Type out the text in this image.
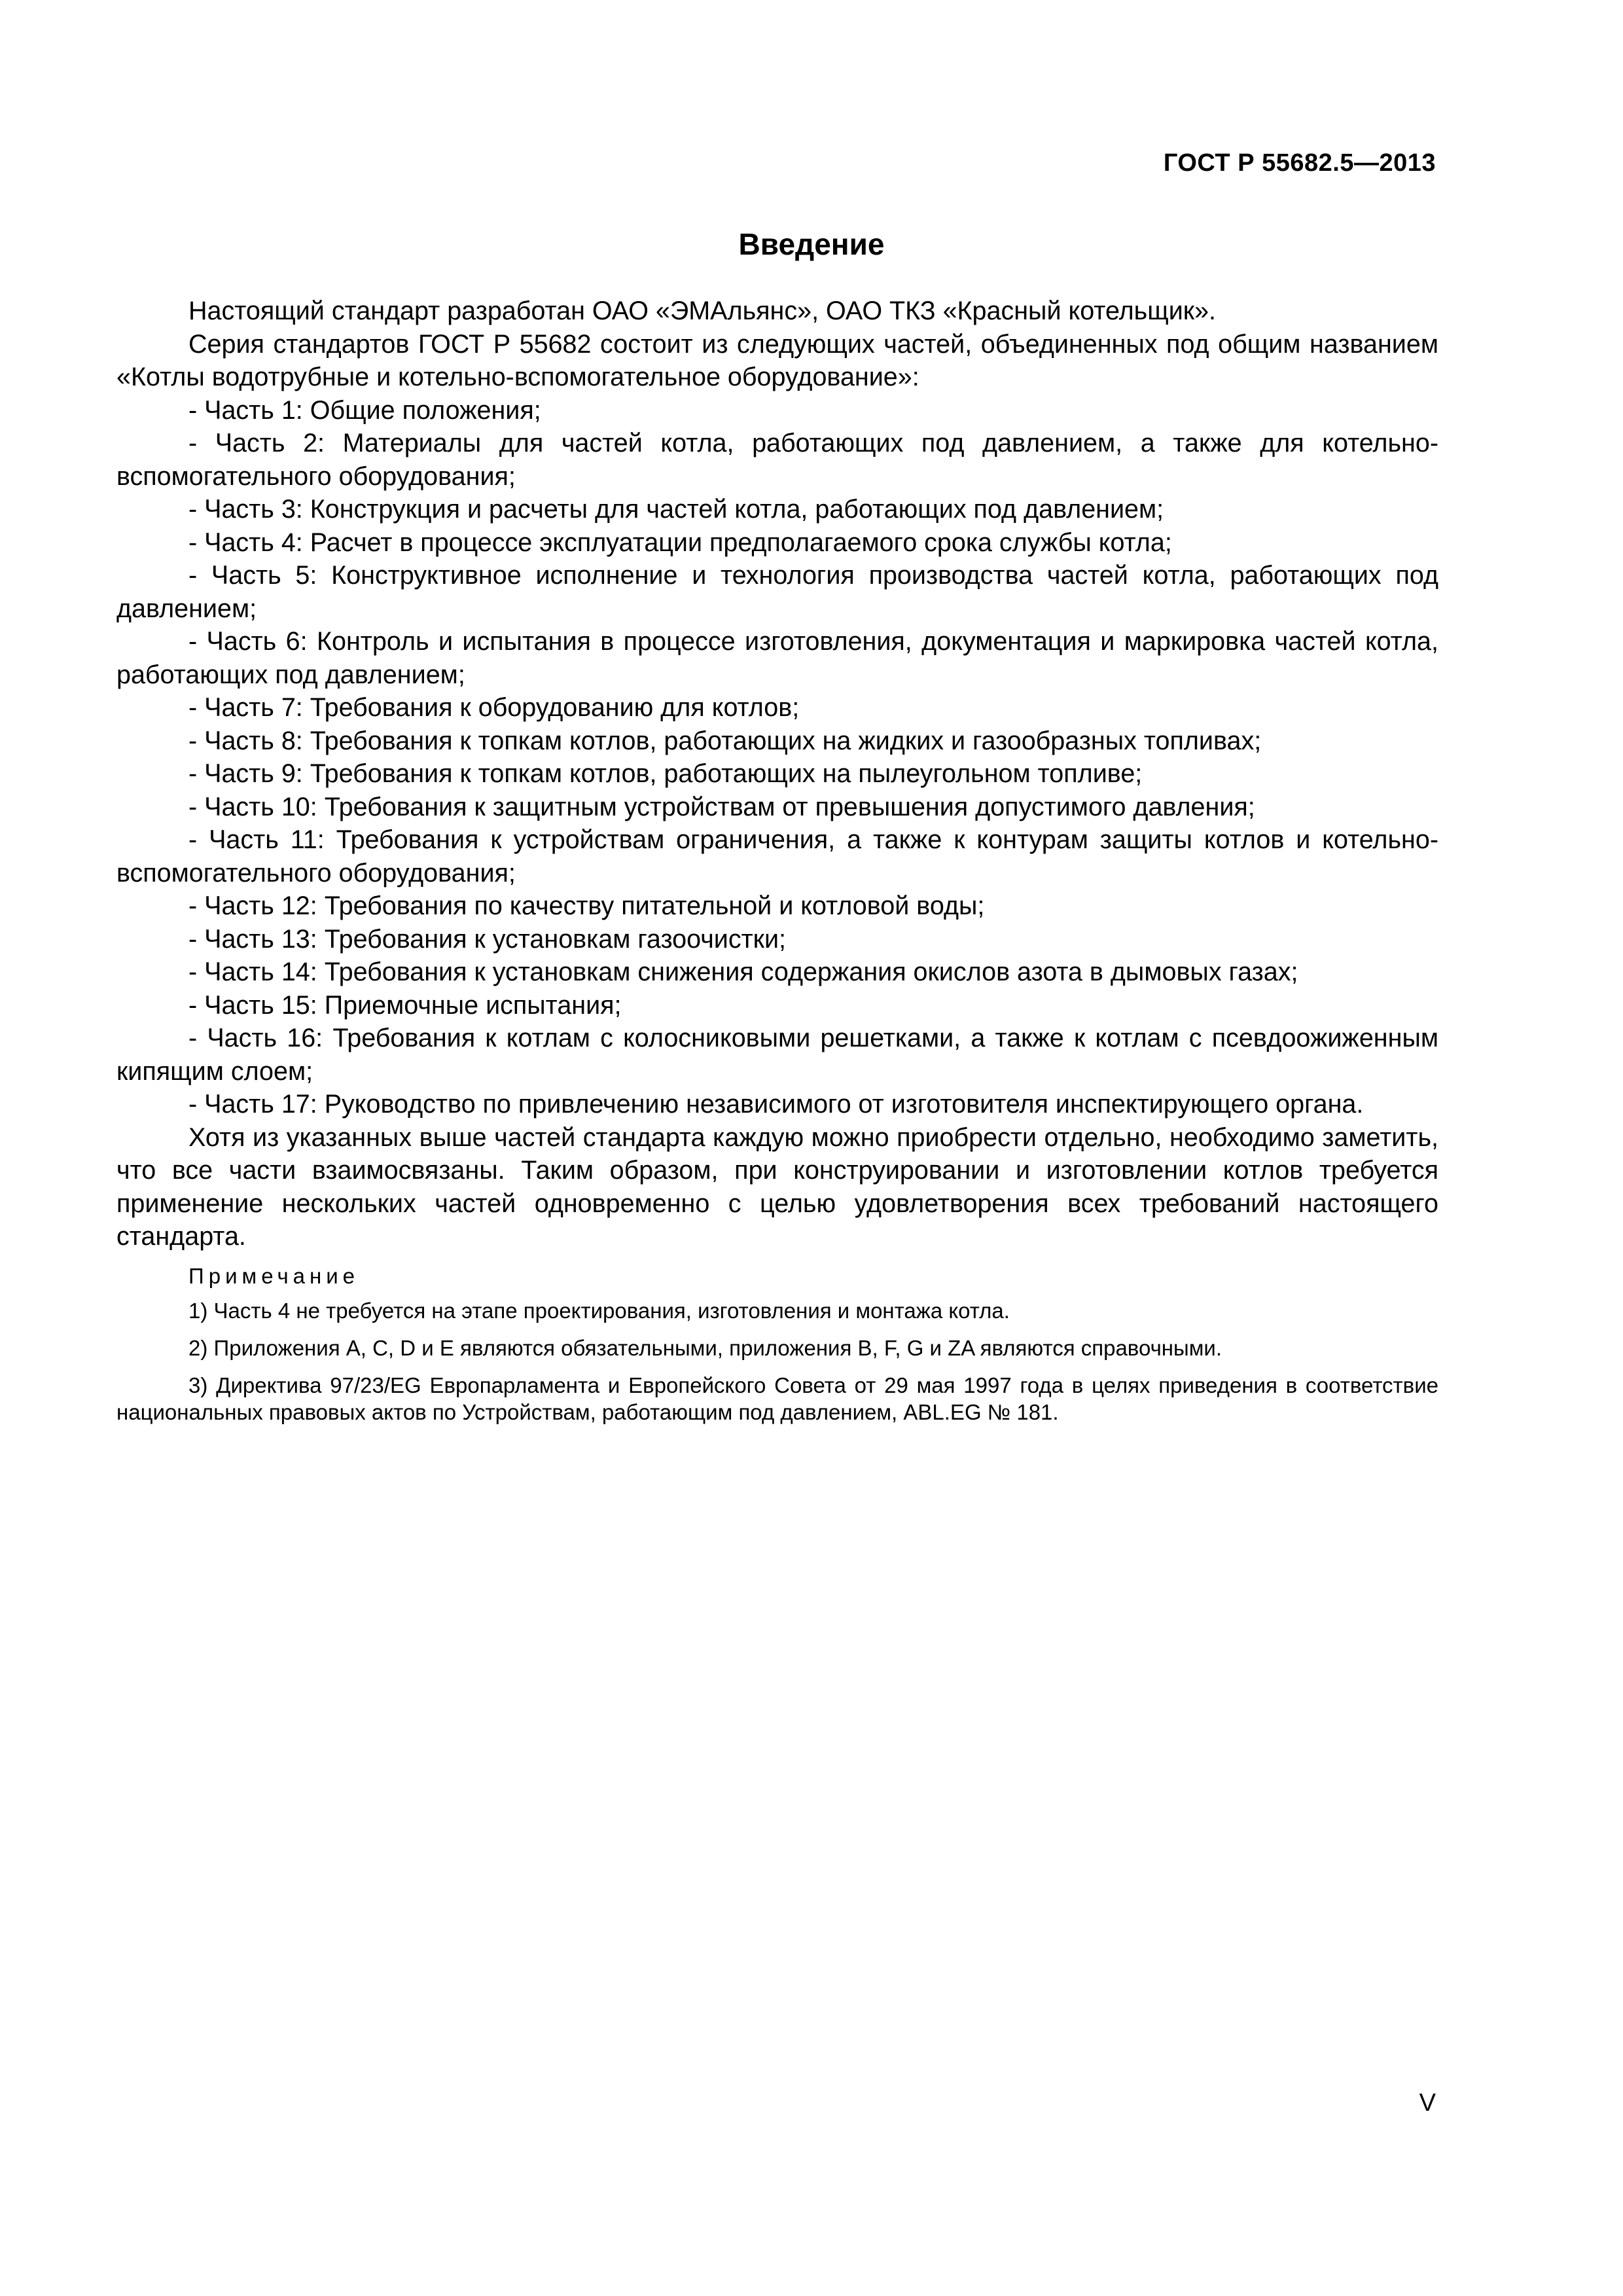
ГОСТ Р 55682.5—2013
Введение

Настоящий стандарт разработан ОАО «ЭМАльянс», ОАО ТКЗ «Красный котельщик».

Серия стандартов ГОСТ Р 55682 состоит из следующих частей, объединенных под общим названием «Котлы водотрубные и котельно-вспомогательное оборудование»:

- Часть 1: Общие положения;

- Часть 2: Материалы для частей котла, работающих под давлением, а также для котельно-вспомогательного оборудования;

- Часть 3: Конструкция и расчеты для частей котла, работающих под давлением;

- Часть 4: Расчет в процессе эксплуатации предполагаемого срока службы котла;

- Часть 5: Конструктивное исполнение и технология производства частей котла, работающих под давлением;

- Часть 6: Контроль и испытания в процессе изготовления, документация и маркировка частей котла, работающих под давлением;

- Часть 7: Требования к оборудованию для котлов;

- Часть 8: Требования к топкам котлов, работающих на жидких и газообразных топливах;

- Часть 9: Требования к топкам котлов, работающих на пылеугольном топливе;

- Часть 10: Требования к защитным устройствам от превышения допустимого давления;

- Часть 11: Требования к устройствам ограничения, а также к контурам защиты котлов и котельно-вспомогательного оборудования;

- Часть 12: Требования по качеству питательной и котловой воды;

- Часть 13: Требования к установкам газоочистки;

- Часть 14: Требования к установкам снижения содержания окислов азота в дымовых газах;

- Часть 15: Приемочные испытания;

- Часть 16: Требования к котлам с колосниковыми решетками, а также к котлам с псевдоожиженным кипящим слоем;

- Часть 17: Руководство по привлечению независимого от изготовителя инспектирующего органа.

Хотя из указанных выше частей стандарта каждую можно приобрести отдельно, необходимо заметить, что все части взаимосвязаны. Таким образом, при конструировании и изготовлении котлов требуется применение нескольких частей одновременно с целью удовлетворения всех требований настоящего стандарта.

Примечание

1) Часть 4 не требуется на этапе проектирования, изготовления и монтажа котла.

2) Приложения А, С, D и Е являются обязательными, приложения В, F, G и ZA являются справочными.

3) Директива 97/23/EG Европарламента и Европейского Совета от 29 мая 1997 года в целях приведения в соответствие национальных правовых актов по Устройствам, работающим под давлением, ABL.EG № 181.

V
